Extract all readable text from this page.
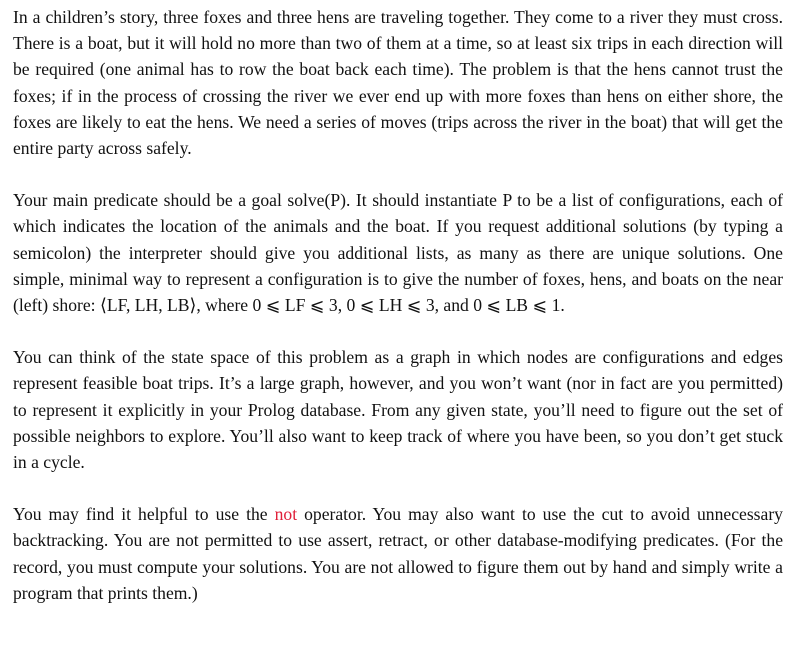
In a children’s story, three foxes and three hens are traveling together. They come to a river they must cross. There is a boat, but it will hold no more than two of them at a time, so at least six trips in each direction will be required (one animal has to row the boat back each time). The problem is that the hens cannot trust the foxes; if in the process of crossing the river we ever end up with more foxes than hens on either shore, the foxes are likely to eat the hens. We need a series of moves (trips across the river in the boat) that will get the entire party across safely.

Your main predicate should be a goal solve(P). It should instantiate P to be a list of configurations, each of which indicates the location of the animals and the boat. If you request additional solutions (by typing a semicolon) the interpreter should give you additional lists, as many as there are unique solutions. One simple, minimal way to represent a configuration is to give the number of foxes, hens, and boats on the near (left) shore: ⟨LF, LH, LB⟩, where 0 ⩽ LF ⩽ 3, 0 ⩽ LH ⩽ 3, and 0 ⩽ LB ⩽ 1.

You can think of the state space of this problem as a graph in which nodes are configurations and edges represent feasible boat trips. It’s a large graph, however, and you won’t want (nor in fact are you permitted) to represent it explicitly in your Prolog database. From any given state, you’ll need to figure out the set of possible neighbors to explore. You’ll also want to keep track of where you have been, so you don’t get stuck in a cycle.

You may find it helpful to use the not operator. You may also want to use the cut to avoid unnecessary backtracking. You are not permitted to use assert, retract, or other database-modifying predicates. (For the record, you must compute your solutions. You are not allowed to figure them out by hand and simply write a program that prints them.)
